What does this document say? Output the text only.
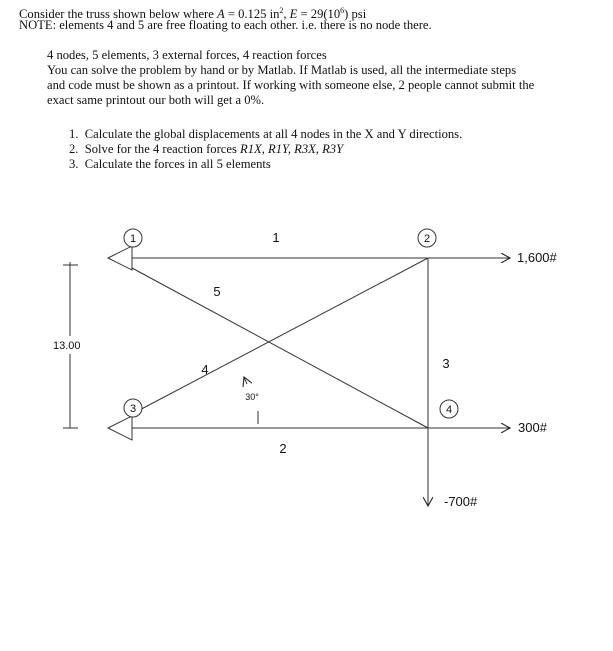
Consider the truss shown below where A = 0.125 $in^2$, $E = 29(10^6)$ psi
NOTE: elements 4 and 5 are free floating to each other. i.e. there is no node there.
4 nodes, 5 elements, 3 external forces, 4 reaction forces
You can solve the problem by hand or by Matlab. If Matlab is used, all the intermediate steps
and code must be shown as a printout. If working with someone else, 2 people cannot submit the
exact same printout our both will get a 0%.
1. Calculate the global displacements at all 4 nodes in the X and Y directions.
2. Solve for the 4 reaction forces R1X, R1Y, R3X, R3Y
3. Calculate the forces in all 5 elements
13.00
1,600#
300#
-700#
1	2
3	4
1
2
3
4
5
30°
